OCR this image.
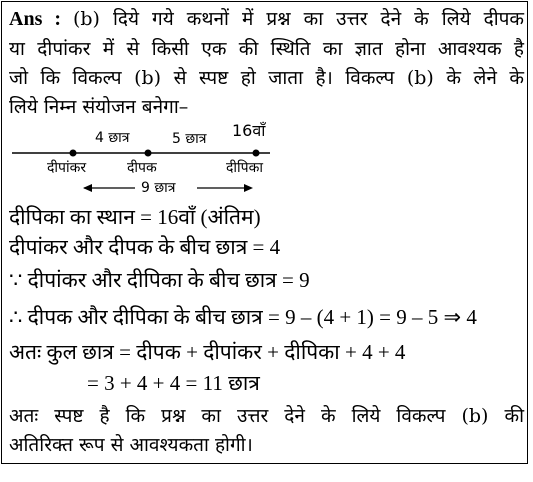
Ans : (b) दिये गये कथनों में प्रश्न का उत्तर देने के लिये दीपक
या दीपांकर में से किसी एक की स्थिति का ज्ञात होना आवश्यक है
जो कि विकल्प (b) से स्पष्ट हो जाता है। विकल्प (b) के लेने के
लिये निम्न संयोजन बनेगा–
4 छात्र	5 छात्र 16वाँ
दीपांकर	दीपक	दीपिका
9 छात्र
दीपिका का स्थान = 16वाँ (अंतिम)
दीपांकर और दीपक के बीच छात्र = 4
∵ दीपांकर और दीपिका के बीच छात्र = 9
∴ दीपक और दीपिका के बीच छात्र = 9 – (4 + 1) = 9 – 5 ⇒ 4
अतः कुल छात्र = दीपक + दीपांकर + दीपिका + 4 + 4
= 3 + 4 + 4 = 11 छात्र
अतः स्पष्ट है कि प्रश्न का उत्तर देने के लिये विकल्प (b) की
अतिरिक्त रूप से आवश्यकता होगी।
